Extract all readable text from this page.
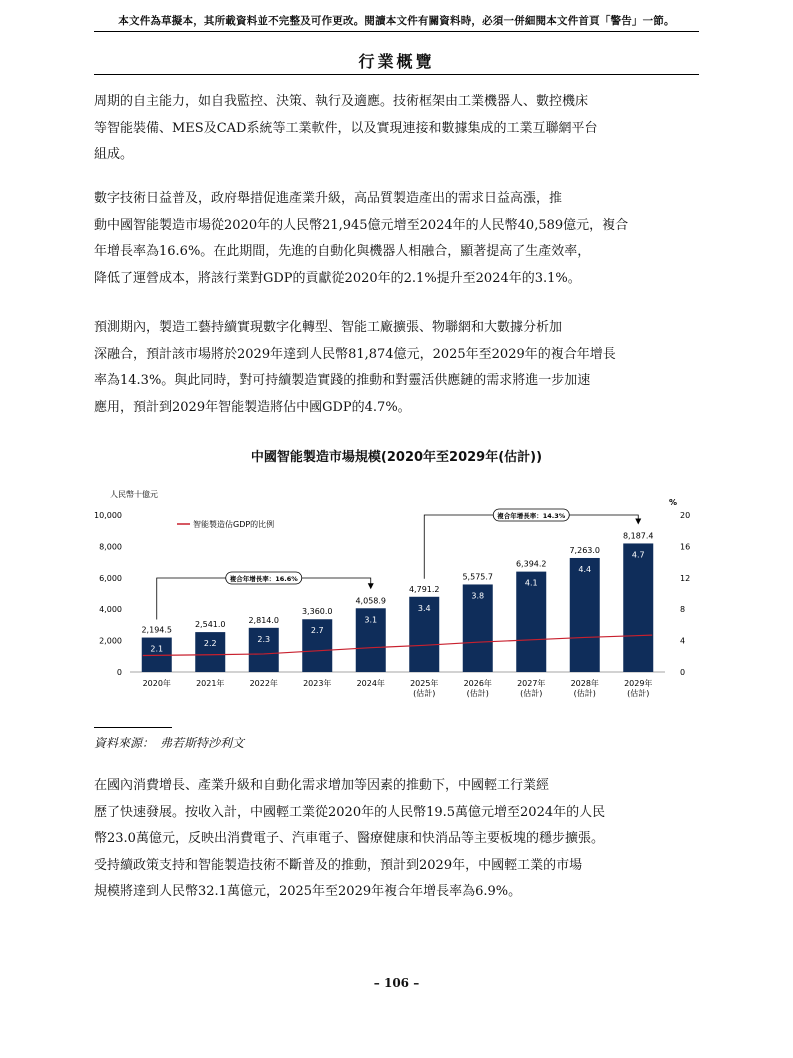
本文件為草擬本，其所載資料並不完整及可作更改。閱讀本文件有關資料時，必須一併細閱本文件首頁「警告」一節。
行業概覽

周期的自主能力，如自我監控、決策、執行及適應。技術框架由工業機器人、數控機床

等智能裝備、MES及CAD系統等工業軟件，以及實現連接和數據集成的工業互聯網平台

組成。

數字技術日益普及，政府舉措促進產業升級，高品質製造產出的需求日益高漲，推

動中國智能製造市場從2020年的人民幣21,945億元增至2024年的人民幣40,589億元，複合

年增長率為16.6%。在此期間，先進的自動化與機器人相融合，顯著提高了生產效率，

降低了運營成本，將該行業對GDP的貢獻從2020年的2.1%提升至2024年的3.1%。

預測期內，製造工藝持續實現數字化轉型、智能工廠擴張、物聯網和大數據分析加

深融合，預計該市場將於2029年達到人民幣81,874億元，2025年至2029年的複合年增長

率為14.3%。與此同時，對可持續製造實踐的推動和對靈活供應鏈的需求將進一步加速

應用，預計到2029年智能製造將佔中國GDP的4.7%。

中國智能製造市場規模(2020年至2029年(估計))
人民幣十億元
%
10,000
8,000
6,000
4,000
2,000
0
20
16
12
8
4
0
2,194.5
2020年
2,541.0
2021年
2,814.0
2022年
3,360.0
2023年
4,058.9
2024年
4,791.2
2025年
(估計)
5,575.7
2026年
(估計)
6,394.2
2027年
(估計)
7,263.0
2028年
(估計)
8,187.4
2029年
(估計)
2.1
2.2	2.3
2.7
3.1
3.4
3.8
4.1
4.4
4.7
智能製造佔GDP的比例
複合年增長率：16.6%
複合年增長率：14.3%
資料來源：　弗若斯特沙利文

在國內消費增長、產業升級和自動化需求增加等因素的推動下，中國輕工行業經

歷了快速發展。按收入計，中國輕工業從2020年的人民幣19.5萬億元增至2024年的人民

幣23.0萬億元，反映出消費電子、汽車電子、醫療健康和快消品等主要板塊的穩步擴張。

受持續政策支持和智能製造技術不斷普及的推動，預計到2029年，中國輕工業的市場

規模將達到人民幣32.1萬億元，2025年至2029年複合年增長率為6.9%。

– 106 –
